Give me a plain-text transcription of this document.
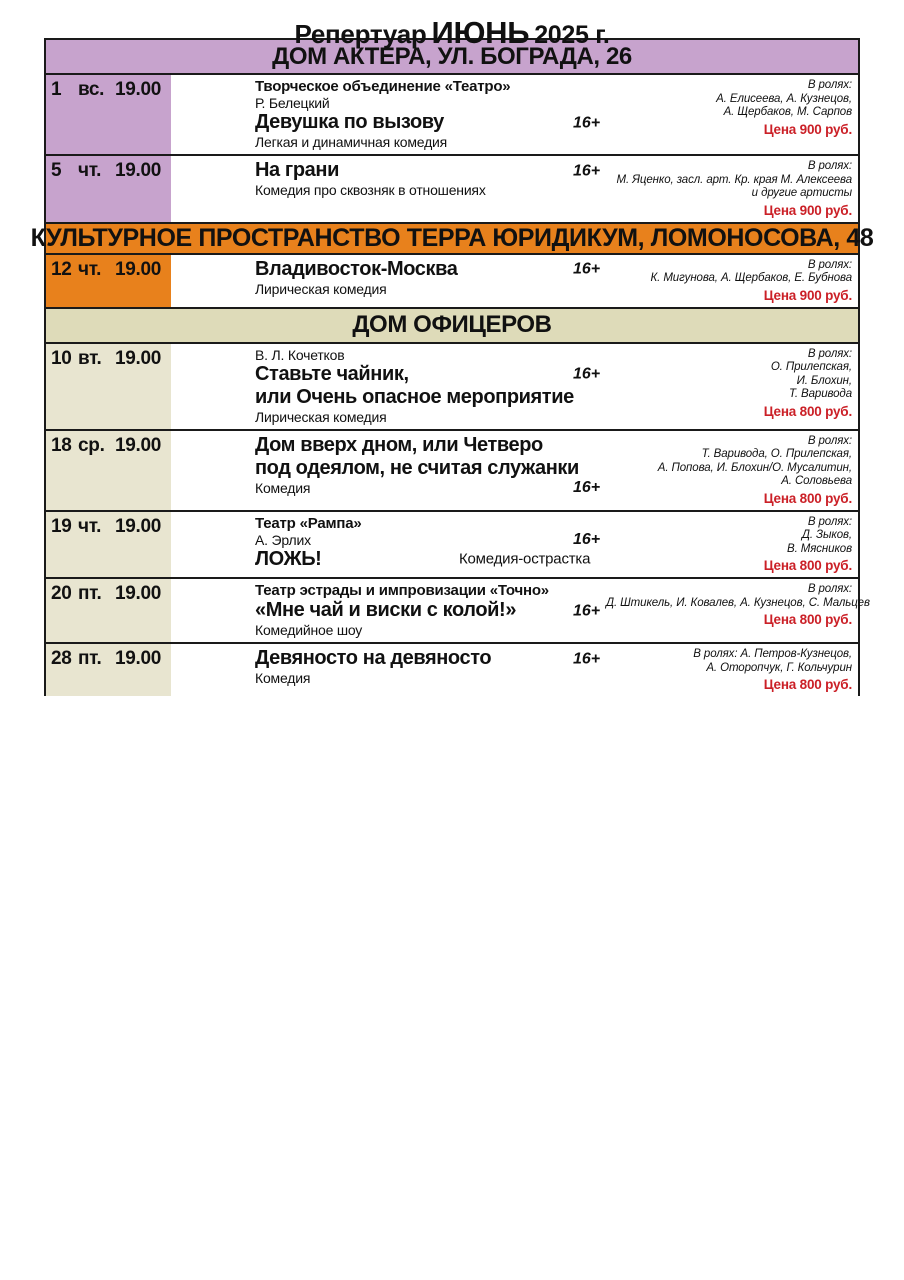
Репертуар ИЮНЬ 2025 г.
ДОМ АКТЕРА, УЛ. БОГРАДА, 26
1 вс. 19.00	Творческое объединение «Театро»
Р. Белецкий
Девушка по вызову	16+
Легкая и динамичная комедия
В ролях:
А. Елисеева, А. Кузнецов,
А. Щербаков, М. Сарпов
Цена 900 руб.
5 чт. 19.00	На грани	16+
Комедия про сквозняк в отношениях
В ролях:
М. Яценко, засл. арт. Кр. края М. Алексеева
и другие артисты
Цена 900 руб.
КУЛЬТУРНОЕ ПРОСТРАНСТВО ТЕРРА ЮРИДИКУМ, ЛОМОНОСОВА, 48
12 чт. 19.00	Владивосток-Москва	16+
Лирическая комедия
В ролях:
К. Мигунова, А. Щербаков, Е. Бубнова
Цена 900 руб.
ДОМ ОФИЦЕРОВ
10 вт. 19.00	В. Л. Кочетков
Ставьте чайник,	16+
или Очень опасное мероприятие
Лирическая комедия
В ролях:
О. Прилепская,
И. Блохин,
Т. Варивода
Цена 800 руб.
18 ср. 19.00	Дом вверх дном, или Четверо
под одеялом, не считая служанки
Комедия	16+
В ролях:
Т. Варивода, О. Прилепская,
А. Попова, И. Блохин/О. Мусалитин,
А. Соловьева
Цена 800 руб.
19 чт. 19.00	Театр «Рампа»
А. Эрлих	16+
ЛОЖЬ!	Комедия-острастка
В ролях:
Д. Зыков,
В. Мясников
Цена 800 руб.
20 пт. 19.00	Театр эстрады и импровизации «Точно»
«Мне чай и виски с колой!»	16+
Комедийное шоу
В ролях:
Д. Штикель, И. Ковалев, А. Кузнецов, С. Мальцев
Цена 800 руб.
28 пт. 19.00	Девяносто на девяносто	16+
Комедия
В ролях: А. Петров-Кузнецов,
А. Оторопчук, Г. Кольчурин
Цена 800 руб.
